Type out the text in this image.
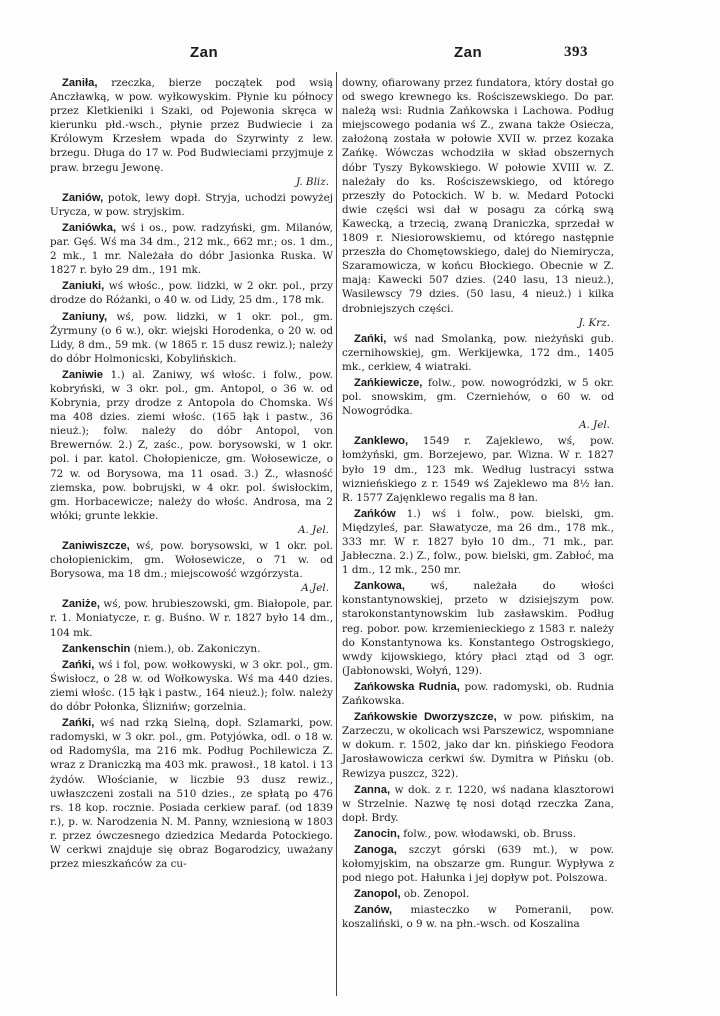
Zan	Zan	393

Zaniła, rzeczka, bierze początek pod wsią Anczławką, w pow. wyłkowyskim. Płynie ku północy przez Kletkieniki i Szaki, od Pojewonia skręca w kierunku płd.-wsch., płynie przez Budwiecie i za Królowym Krzesłem wpada do Szyrwinty z lew. brzegu. Długa do 17 w. Pod Budwieciami przyjmuje z praw. brzegu Jewonę.
J. Bliz.

Zaniów, potok, lewy dopł. Stryja, uchodzi powyżej Urycza, w pow. stryjskim.

Zaniówka, wś i os., pow. radzyński, gm. Milanów, par. Gęś. Wś ma 34 dm., 212 mk., 662 mr.; os. 1 dm., 2 mk., 1 mr. Należała do dóbr Jasionka Ruska. W 1827 r. było 29 dm., 191 mk.

Zaniuki, wś włośc., pow. lidzki, w 2 okr. pol., przy drodze do Różanki, o 40 w. od Lidy, 25 dm., 178 mk.

Zaniuny, wś, pow. lidzki, w 1 okr. pol., gm. Żyrmuny (o 6 w.), okr. wiejski Horodenka, o 20 w. od Lidy, 8 dm., 59 mk. (w 1865 r. 15 dusz rewiz.); należy do dóbr Holmonicski, Kobylińskich.

Zaniwie 1.) al. Zaniwy, wś włośc. i folw., pow. kobryński, w 3 okr. pol., gm. Antopol, o 36 w. od Kobrynia, przy drodze z Antopola do Chomska. Wś ma 408 dzies. ziemi włośc. (165 łąk i pastw., 36 nieuż.); folw. należy do dóbr Antopol, von Brewernów. 2.) Z, zaśc., pow. borysowski, w 1 okr. pol. i par. katol. Chołopienicze, gm. Wołosewicze, o 72 w. od Borysowa, ma 11 osad. 3.) Z., własność ziemska, pow. bobrujski, w 4 okr. pol. świsłockim, gm. Horbacewicze; należy do włośc. Androsa, ma 2 włóki; grunte lekkie.
A. Jel.

Zaniwiszcze, wś, pow. borysowski, w 1 okr. pol. chołopienickim, gm. Wołosewicze, o 71 w. od Borysowa, ma 18 dm.; miejscowość wzgórzysta.
A.Jel.

Zaniże, wś, pow. hrubieszowski, gm. Białopole, par. r. 1. Moniatycze, r. g. Buśno. W r. 1827 było 14 dm., 104 mk.

Zankenschin (niem.), ob. Zakoniczyn.

Zańki, wś i fol, pow. wołkowyski, w 3 okr. pol., gm. Świsłocz, o 28 w. od Wołkowyska. Wś ma 440 dzies. ziemi włośc. (15 łąk i pastw., 164 nieuż.); folw. należy do dóbr Połonka, Śliznińw; gorzelnia.

Zańki, wś nad rzką Sielną, dopł. Szlamarki, pow. radomyski, w 3 okr. pol., gm. Potyjówka, odl. o 18 w. od Radomyśla, ma 216 mk. Podług Pochilewicza Z. wraz z Draniczką ma 403 mk. prawosł., 18 katol. i 13 żydów. Włościanie, w liczbie 93 dusz rewiz., uwłaszczeni zostali na 510 dzies., ze spłatą po 476 rs. 18 kop. rocznie. Posiada cerkiew paraf. (od 1839 r.), p. w. Narodzenia N. M. Panny, wzniesioną w 1803 r. przez ówczesnego dziedzica Medarda Potockiego. W cerkwi znajduje się obraz Bogarodzicy, uważany przez mieszkańców za cu-

downy, ofiarowany przez fundatora, który dostał go od swego krewnego ks. Rościszewskiego. Do par. należą wsi: Rudnia Zańkowska i Lachowa. Podług miejscowego podania wś Z., zwana także Osiecza, założoną została w połowie XVII w. przez kozaka Zańkę. Wówczas wchodziła w skład obszernych dóbr Tyszy Bykowskiego. W połowie XVIII w. Z. należały do ks. Rościszewskiego, od którego przeszły do Potockich. W b. w. Medard Potocki dwie części wsi dał w posagu za córką swą Kawecką, a trzecią, zwaną Draniczka, sprzedał w 1809 r. Niesiorowskiemu, od którego następnie przeszła do Chomętowskiego, dalej do Niemirycza, Szaramowicza, w końcu Błockiego. Obecnie w Z. mają: Kawecki 507 dzies. (240 lasu, 13 nieuż.), Wasilewscy 79 dzies. (50 lasu, 4 nieuż.) i kilka drobniejszych części.
J. Krz.

Zańki, wś nad Smolanką, pow. nieżyński gub. czernihowskiej, gm. Werkijewka, 172 dm., 1405 mk., cerkiew, 4 wiatraki.

Zańkiewicze, folw., pow. nowogródzki, w 5 okr. pol. snowskim, gm. Czerniehów, o 60 w. od Nowogródka.
A. Jel.

Zanklewo, 1549 r. Zajeklewo, wś, pow. łomżyński, gm. Borzejewo, par. Wizna. W r. 1827 było 19 dm., 123 mk. Według lustracyi sstwa wiznieńskiego z r. 1549 wś Zajeklewo ma 8½ łan. R. 1577 Zajęnklewo regalis ma 8 łan.

Zańków 1.) wś i folw., pow. bielski, gm. Międzyleś, par. Sławatycze, ma 26 dm., 178 mk., 333 mr. W r. 1827 było 10 dm., 71 mk., par. Jabłeczna. 2.) Z., folw., pow. bielski, gm. Zabłoć, ma 1 dm., 12 mk., 250 mr.

Zankowa, wś, należała do włości konstantynowskiej, przeto w dzisiejszym pow. starokonstantynowskim lub zasławskim. Podług reg. pobor. pow. krzemienieckiego z 1583 r. należy do Konstantynowa ks. Konstantego Ostrogskiego, wwdy kijowskiego, który płaci ztąd od 3 ogr. (Jabłonowski, Wołyń, 129).

Zańkowska Rudnia, pow. radomyski, ob. Rudnia Zańkowska.

Zańkowskie Dworzyszcze, w pow. pińskim, na Zarzeczu, w okolicach wsi Parszewicz, wspomniane w dokum. r. 1502, jako dar kn. pińskiego Feodora Jarosławowicza cerkwi św. Dymitra w Pińsku (ob. Rewizya puszcz, 322).

Zanna, w dok. z r. 1220, wś nadana klasztorowi w Strzelnie. Nazwę tę nosi dotąd rzeczka Zana, dopł. Brdy.

Zanocin, folw., pow. włodawski, ob. Bruss.

Zanoga, szczyt górski (639 mt.), w pow. kołomyjskim, na obszarze gm. Rungur. Wypływa z pod niego pot. Hałunka i jej dopływ pot. Polszowa.

Zanopol, ob. Zenopol.

Zanów, miasteczko w Pomeranii, pow. koszaliński, o 9 w. na płn.-wsch. od Koszalina
